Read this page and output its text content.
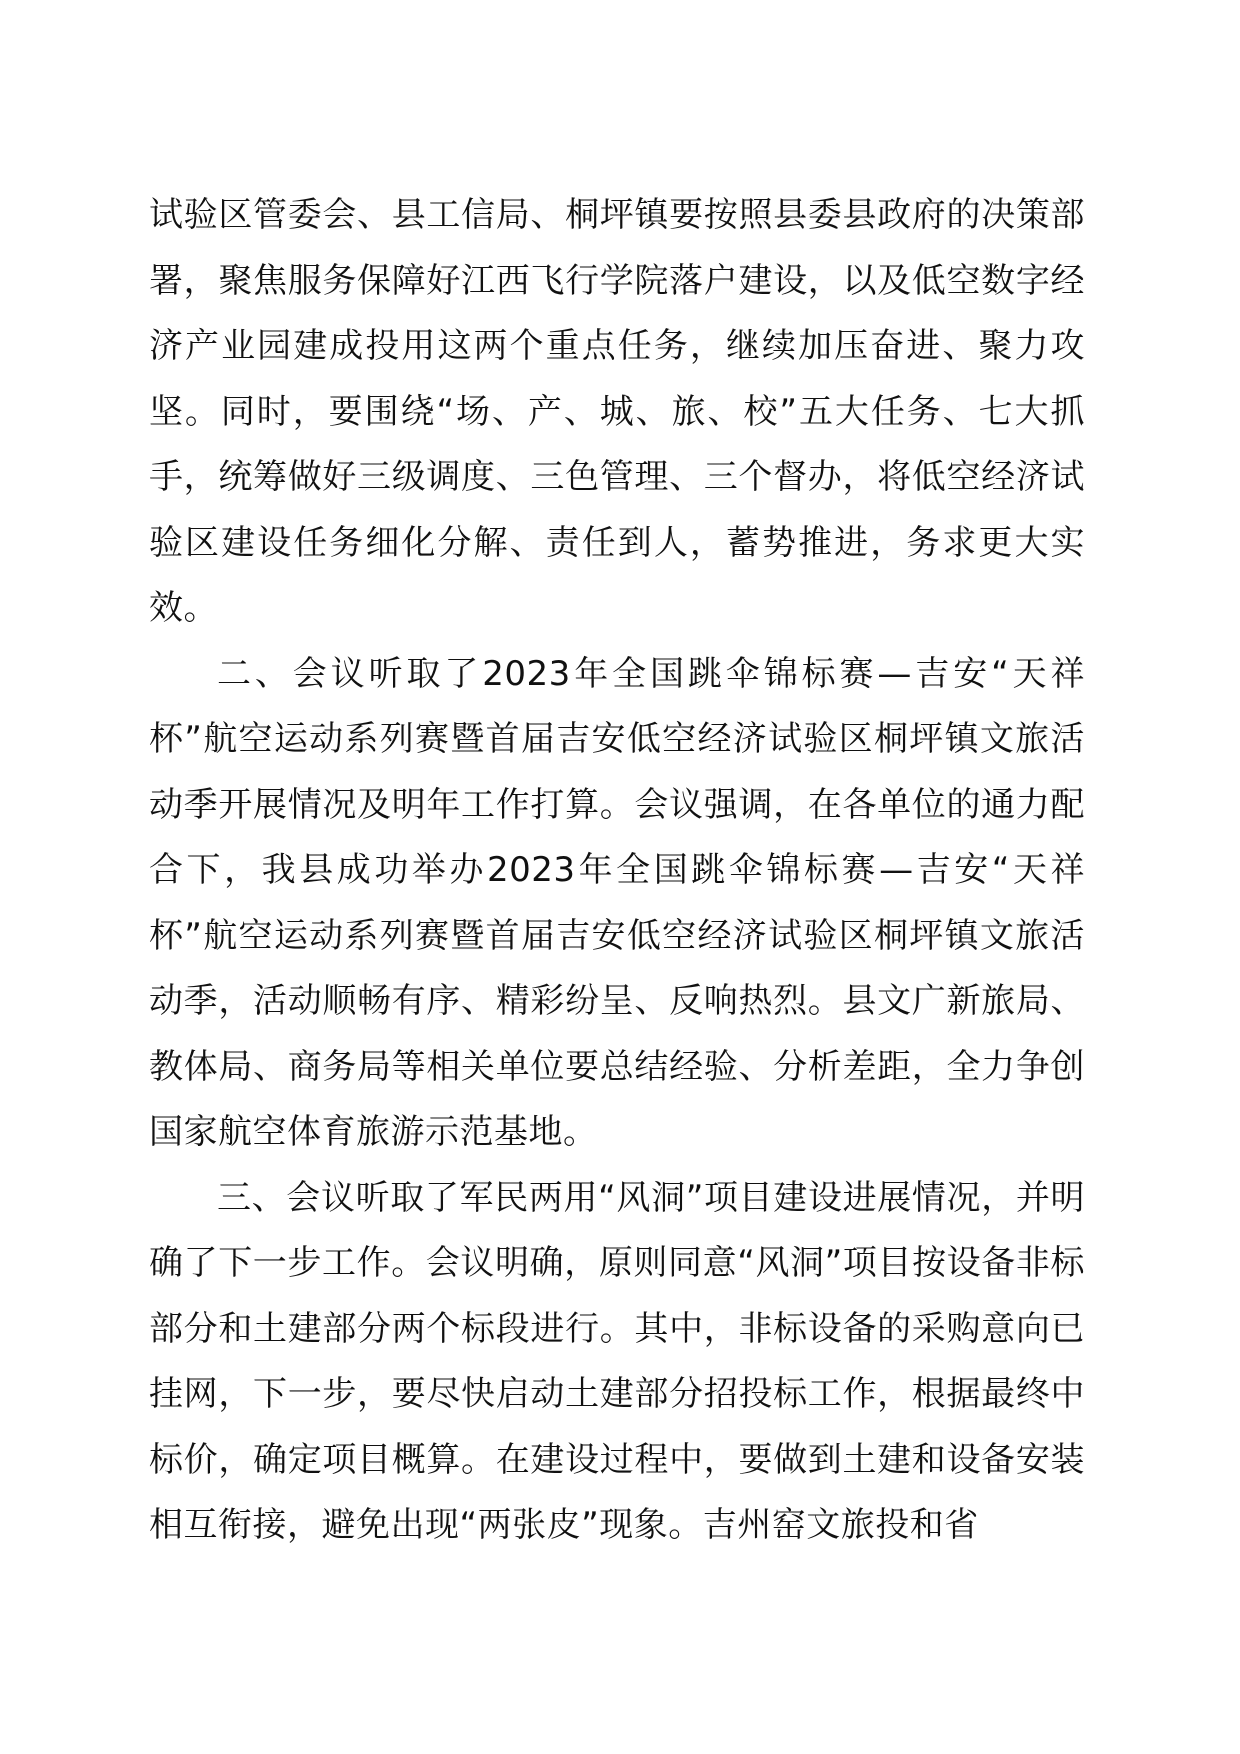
试验区管委会、县工信局、桐坪镇要按照县委县政府的决策部署，聚焦服务保障好江西飞行学院落户建设，以及低空数字经济产业园建成投用这两个重点任务，继续加压奋进、聚力攻坚。同时，要围绕“场、产、城、旅、校”五大任务、七大抓手，统筹做好三级调度、三色管理、三个督办，将低空经济试验区建设任务细化分解、责任到人，蓄势推进，务求更大实效。

二、会议听取了2023年全国跳伞锦标赛—吉安“天祥杯”航空运动系列赛暨首届吉安低空经济试验区桐坪镇文旅活动季开展情况及明年工作打算。会议强调，在各单位的通力配合下，我县成功举办2023年全国跳伞锦标赛—吉安“天祥杯”航空运动系列赛暨首届吉安低空经济试验区桐坪镇文旅活动季，活动顺畅有序、精彩纷呈、反响热烈。县文广新旅局、教体局、商务局等相关单位要总结经验、分析差距，全力争创国家航空体育旅游示范基地。

三、会议听取了军民两用“风洞”项目建设进展情况，并明确了下一步工作。会议明确，原则同意“风洞”项目按设备非标部分和土建部分两个标段进行。其中，非标设备的采购意向已挂网，下一步，要尽快启动土建部分招投标工作，根据最终中标价，确定项目概算。在建设过程中，要做到土建和设备安装相互衔接，避免出现“两张皮”现象。吉州窑文旅投和省
